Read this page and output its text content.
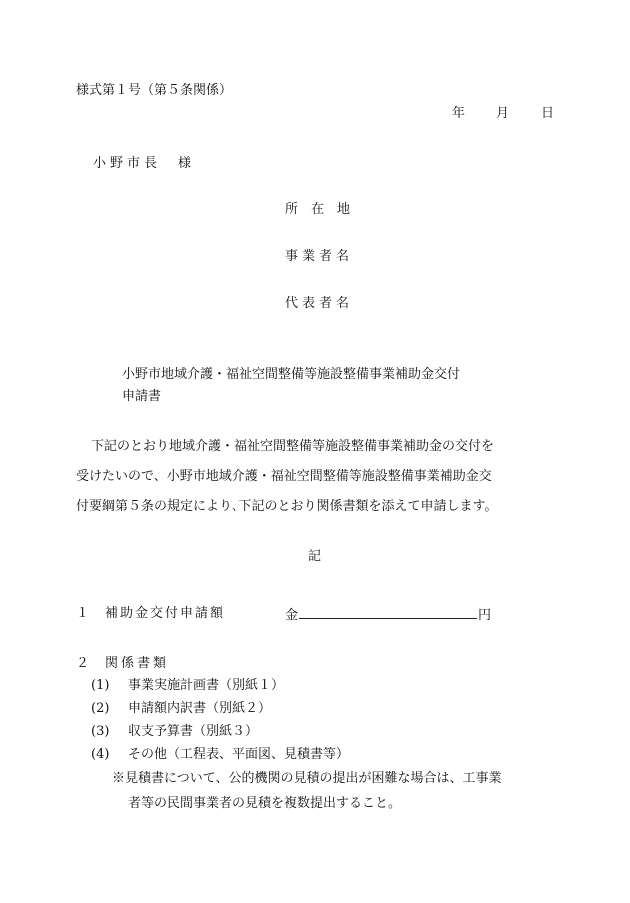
様式第１号（第５条関係）
年 月 日
小野市長　様
所　在　地
事業者名
代表者名
小野市地域介護・福祉空間整備等施設整備事業補助金交付
申請書
下記のとおり地域介護・福祉空間整備等施設整備事業補助金の交付を
受けたいので、小野市地域介護・福祉空間整備等施設整備事業補助金交
付要綱第５条の規定により､下記のとおり関係書類を添えて申請します。
記
１ 補助金交付申請額	金	円
２ 関係書類
(1) 事業実施計画書（別紙１）
(2) 申請額内訳書（別紙２）
(3) 収支予算書（別紙３）
(4) その他（工程表、平面図、見積書等）
※見積書について、公的機関の見積の提出が困難な場合は、工事業
者等の民間事業者の見積を複数提出すること。
